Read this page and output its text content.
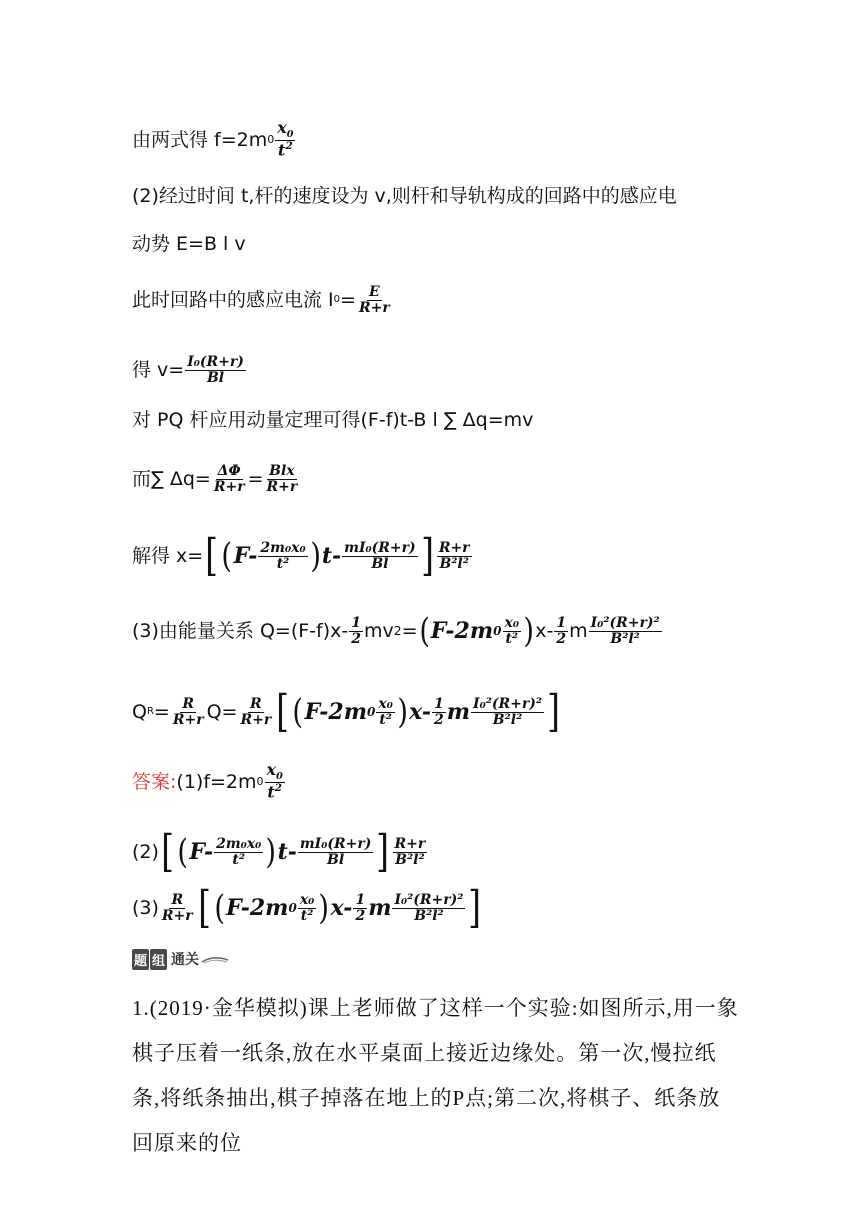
由两式得 f=2m $0 \frac{x_0}{t^2}$
(2)经过时间 t,杆的速度设为 v,则杆和导轨构成的回路中的感应电
动势 E=B l v
此时回路中的感应电流 I $0 = \frac{E}{R+r}$
得 $v= \frac{\text{I₀(R+r)}}{Bl}$
对 PQ 杆应用动量定理可得(F-f)t-B l ∑ Δq=mv
而∑ $\Delta q= \frac{\Delta\Phi}{R+r} = \frac{\text{Blx}}{R+r}$
解得 x= [ ( $F- \frac{\text{2m₀x₀}}{\text{t²}}$ ) $t- \frac{\text{mI₀(R+r)}}{Bl}$ ] $\frac{R+r}{\text{B²l²}}$
(3)由能量关系 $Q=(F-f)x- \frac{1}{2}$ mv 2 = ( F-2m $0 \frac{\text{x₀}}{\text{t²}}$ ) $x- \frac{1}{2}$ m $\frac{\text{I₀²(R+r)²}}{\text{B²l²}}$
Q $R = \frac{R}{R+r} Q= \frac{R}{R+r}$ [ ( F-2m $0 \frac{\text{x₀}}{\text{t²}}$ ) $x- \frac{1}{2}$ m $\frac{\text{I₀²(R+r)²}}{\text{B²l²}}$ ]
答案: (1)f=2m $0 \frac{x_0}{t^2}$
(2) [ ( $F- \frac{\text{2m₀x₀}}{\text{t²}}$ ) $t- \frac{\text{mI₀(R+r)}}{Bl}$ ] $\frac{R+r}{\text{B²l²}}$
$(3) \frac{R}{R+r}$ [ ( F-2m $0 \frac{\text{x₀}}{\text{t²}}$ ) $x- \frac{1}{2}$ m $\frac{\text{I₀²(R+r)²}}{\text{B²l²}}$ ]
题 组 通关
1.(2019·金华模拟)课上老师做了这样一个实验:如图所示,用一象棋子压着一纸条,放在水平桌面上接近边缘处。第一次,慢拉纸条,将纸条抽出,棋子掉落在地上的P点;第二次,将棋子、纸条放回原来的位
